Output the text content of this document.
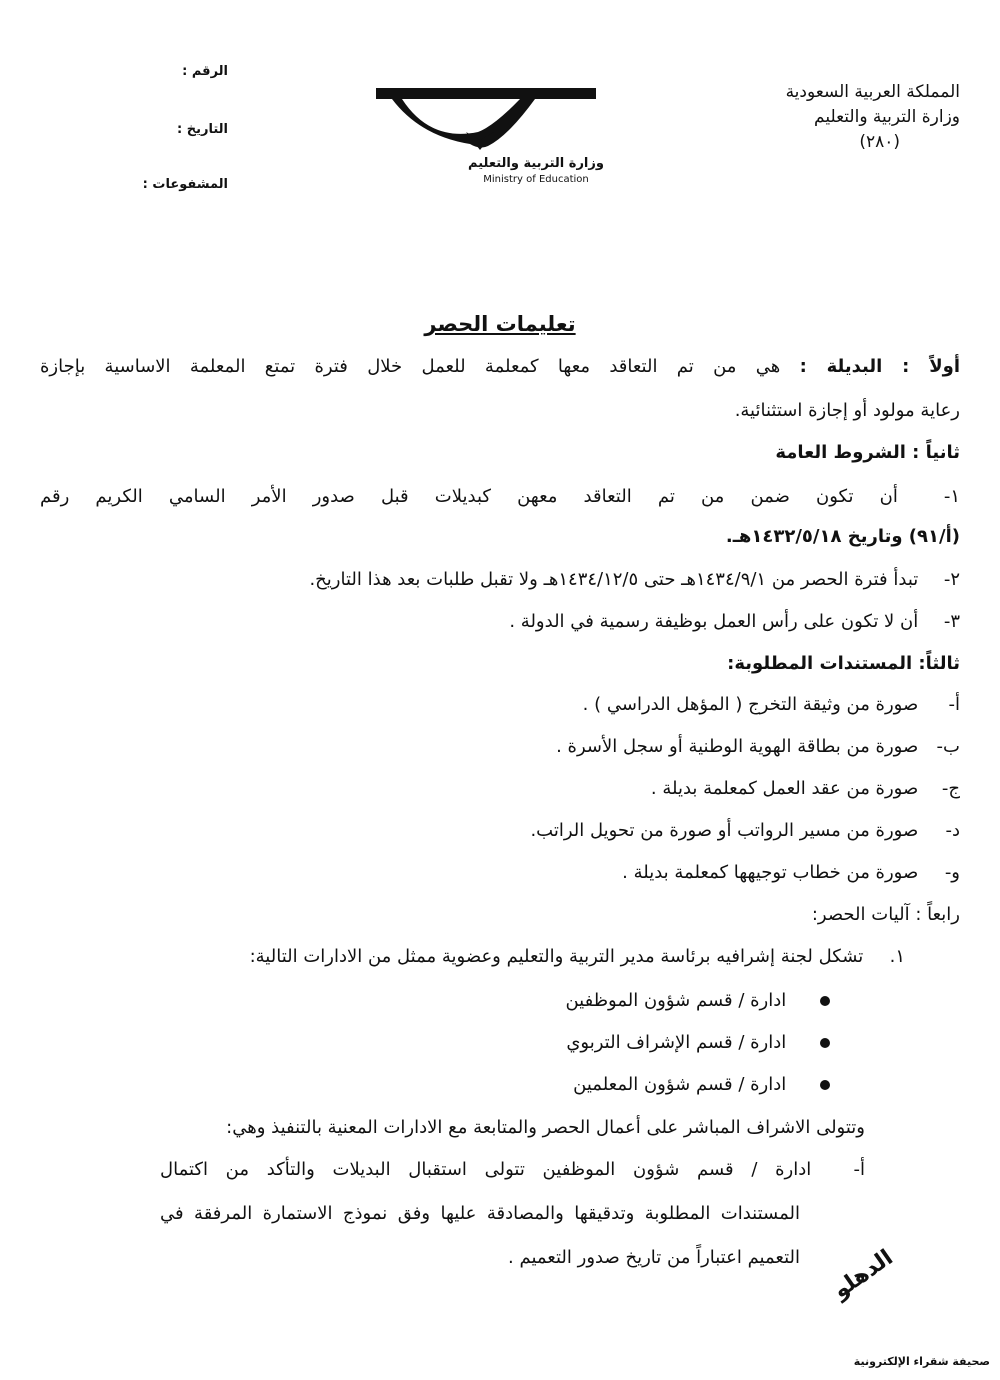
المملكة العربية السعودية
وزارة التربية والتعليم
(٢٨٠)
الرقم :
التاريخ :
المشفوعات :
وزارة التربية والتعليم
Ministry of Education
تعليمات الحصر
أولاً : البديلة : هي من تم التعاقد معها كمعلمة للعمل خلال فترة تمتع المعلمة الاساسية بإجازة
رعاية مولود أو إجازة استثنائية.
ثانياً : الشروط العامة
١- أن تكون ضمن من تم التعاقد معهن كبديلات قبل صدور الأمر السامي الكريم رقم
(أ/٩١) وتاريخ ١٤٣٢/٥/١٨هـ.
٢- تبدأ فترة الحصر من ١٤٣٤/٩/١هـ حتى ١٤٣٤/١٢/٥هـ ولا تقبل طلبات بعد هذا التاريخ.
٣- أن لا تكون على رأس العمل بوظيفة رسمية في الدولة .
ثالثاً: المستندات المطلوبة:
أ- صورة من وثيقة التخرج ( المؤهل الدراسي ) .
ب- صورة من بطاقة الهوية الوطنية أو سجل الأسرة .
ج- صورة من عقد العمل كمعلمة بديلة .
د- صورة من مسير الرواتب أو صورة من تحويل الراتب.
و- صورة من خطاب توجيهها كمعلمة بديلة .
رابعاً : آليات الحصر:
١. تشكل لجنة إشرافيه برئاسة مدير التربية والتعليم وعضوية ممثل من الادارات التالية:
ادارة / قسم شؤون الموظفين
ادارة / قسم الإشراف التربوي
ادارة / قسم شؤون المعلمين
وتتولى الاشراف المباشر على أعمال الحصر والمتابعة مع الادارات المعنية بالتنفيذ وهي:
أ- ادارة / قسم شؤون الموظفين تتولى استقبال البديلات والتأكد من اكتمال
المستندات المطلوبة وتدقيقها والمصادقة عليها وفق نموذج الاستمارة المرفقة في
التعميم اعتباراً من تاريخ صدور التعميم . الدهلو
صحيفة شقراء الإلكترونية
